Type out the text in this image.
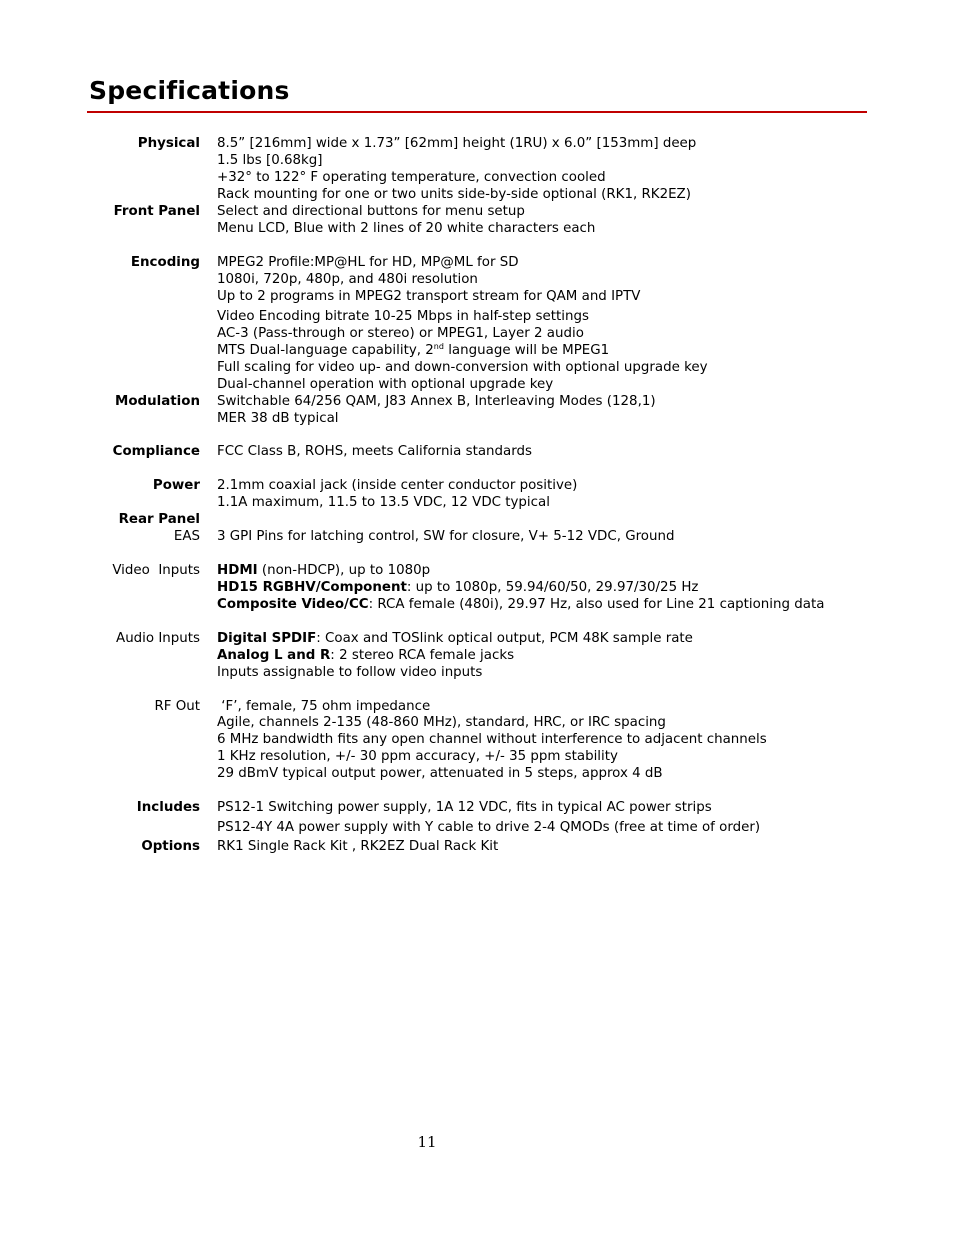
Specifications
Physical 8.5” [216mm] wide x 1.73” [62mm] height (1RU) x 6.0” [153mm] deep
1.5 lbs [0.68kg]
+32° to 122° F operating temperature, convection cooled
Rack mounting for one or two units side-by-side optional (RK1, RK2EZ)
Front Panel Select and directional buttons for menu setup
Menu LCD, Blue with 2 lines of 20 white characters each
Encoding MPEG2 Profile:MP@HL for HD, MP@ML for SD
1080i, 720p, 480p, and 480i resolution
Up to 2 programs in MPEG2 transport stream for QAM and IPTV
Video Encoding bitrate 10-25 Mbps in half-step settings
AC-3 (Pass-through or stereo) or MPEG1, Layer 2 audio
MTS Dual-language capability, 2nd language will be MPEG1
Full scaling for video up- and down-conversion with optional upgrade key
Dual-channel operation with optional upgrade key
Modulation Switchable 64/256 QAM, J83 Annex B, Interleaving Modes (128,1)
MER 38 dB typical
Compliance FCC Class B, ROHS, meets California standards
Power 2.1mm coaxial jack (inside center conductor positive)
1.1A maximum, 11.5 to 13.5 VDC, 12 VDC typical
Rear Panel
EAS 3 GPI Pins for latching control, SW for closure, V+ 5-12 VDC, Ground
Video  Inputs HDMI (non-HDCP), up to 1080p
HD15 RGBHV/Component: up to 1080p, 59.94/60/50, 29.97/30/25 Hz
Composite Video/CC: RCA female (480i), 29.97 Hz, also used for Line 21 captioning data
Audio Inputs Digital SPDIF: Coax and TOSlink optical output, PCM 48K sample rate
Analog L and R: 2 stereo RCA female jacks
Inputs assignable to follow video inputs
RF Out ‘F’, female, 75 ohm impedance
Agile, channels 2-135 (48-860 MHz), standard, HRC, or IRC spacing
6 MHz bandwidth fits any open channel without interference to adjacent channels
1 KHz resolution, +/- 30 ppm accuracy, +/- 35 ppm stability
29 dBmV typical output power, attenuated in 5 steps, approx 4 dB
Includes PS12-1 Switching power supply, 1A 12 VDC, fits in typical AC power strips
PS12-4Y 4A power supply with Y cable to drive 2-4 QMODs (free at time of order)
Options RK1 Single Rack Kit , RK2EZ Dual Rack Kit
11
